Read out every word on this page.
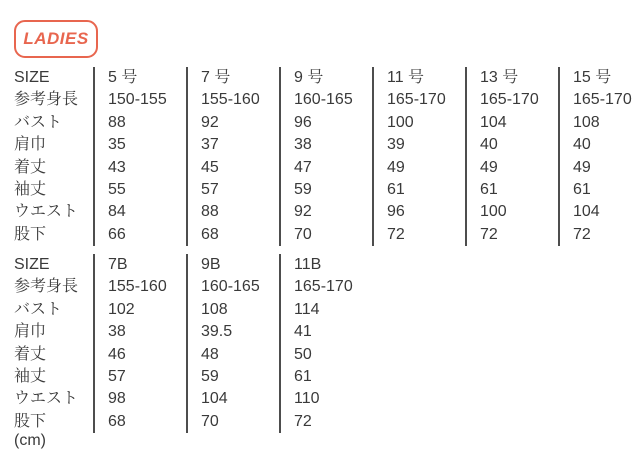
LADIES
SIZE	5 号	7 号	9 号	11 号	13 号	15 号
参考身長	150-155	155-160	160-165	165-170	165-170	165-170
バスト	88	92	96	100	104	108
肩巾	35	37	38	39	40	40
着丈	43	45	47	49	49	49
袖丈	55	57	59	61	61	61
ウエスト	84	88	92	96	100	104
股下	66	68	70	72	72	72
SIZE	7B	9B	11B
参考身長	155-160	160-165	165-170
バスト	102	108	114
肩巾	38	39.5	41
着丈	46	48	50
袖丈	57	59	61
ウエスト	98	104	110
股下	68	70	72
(cm)
